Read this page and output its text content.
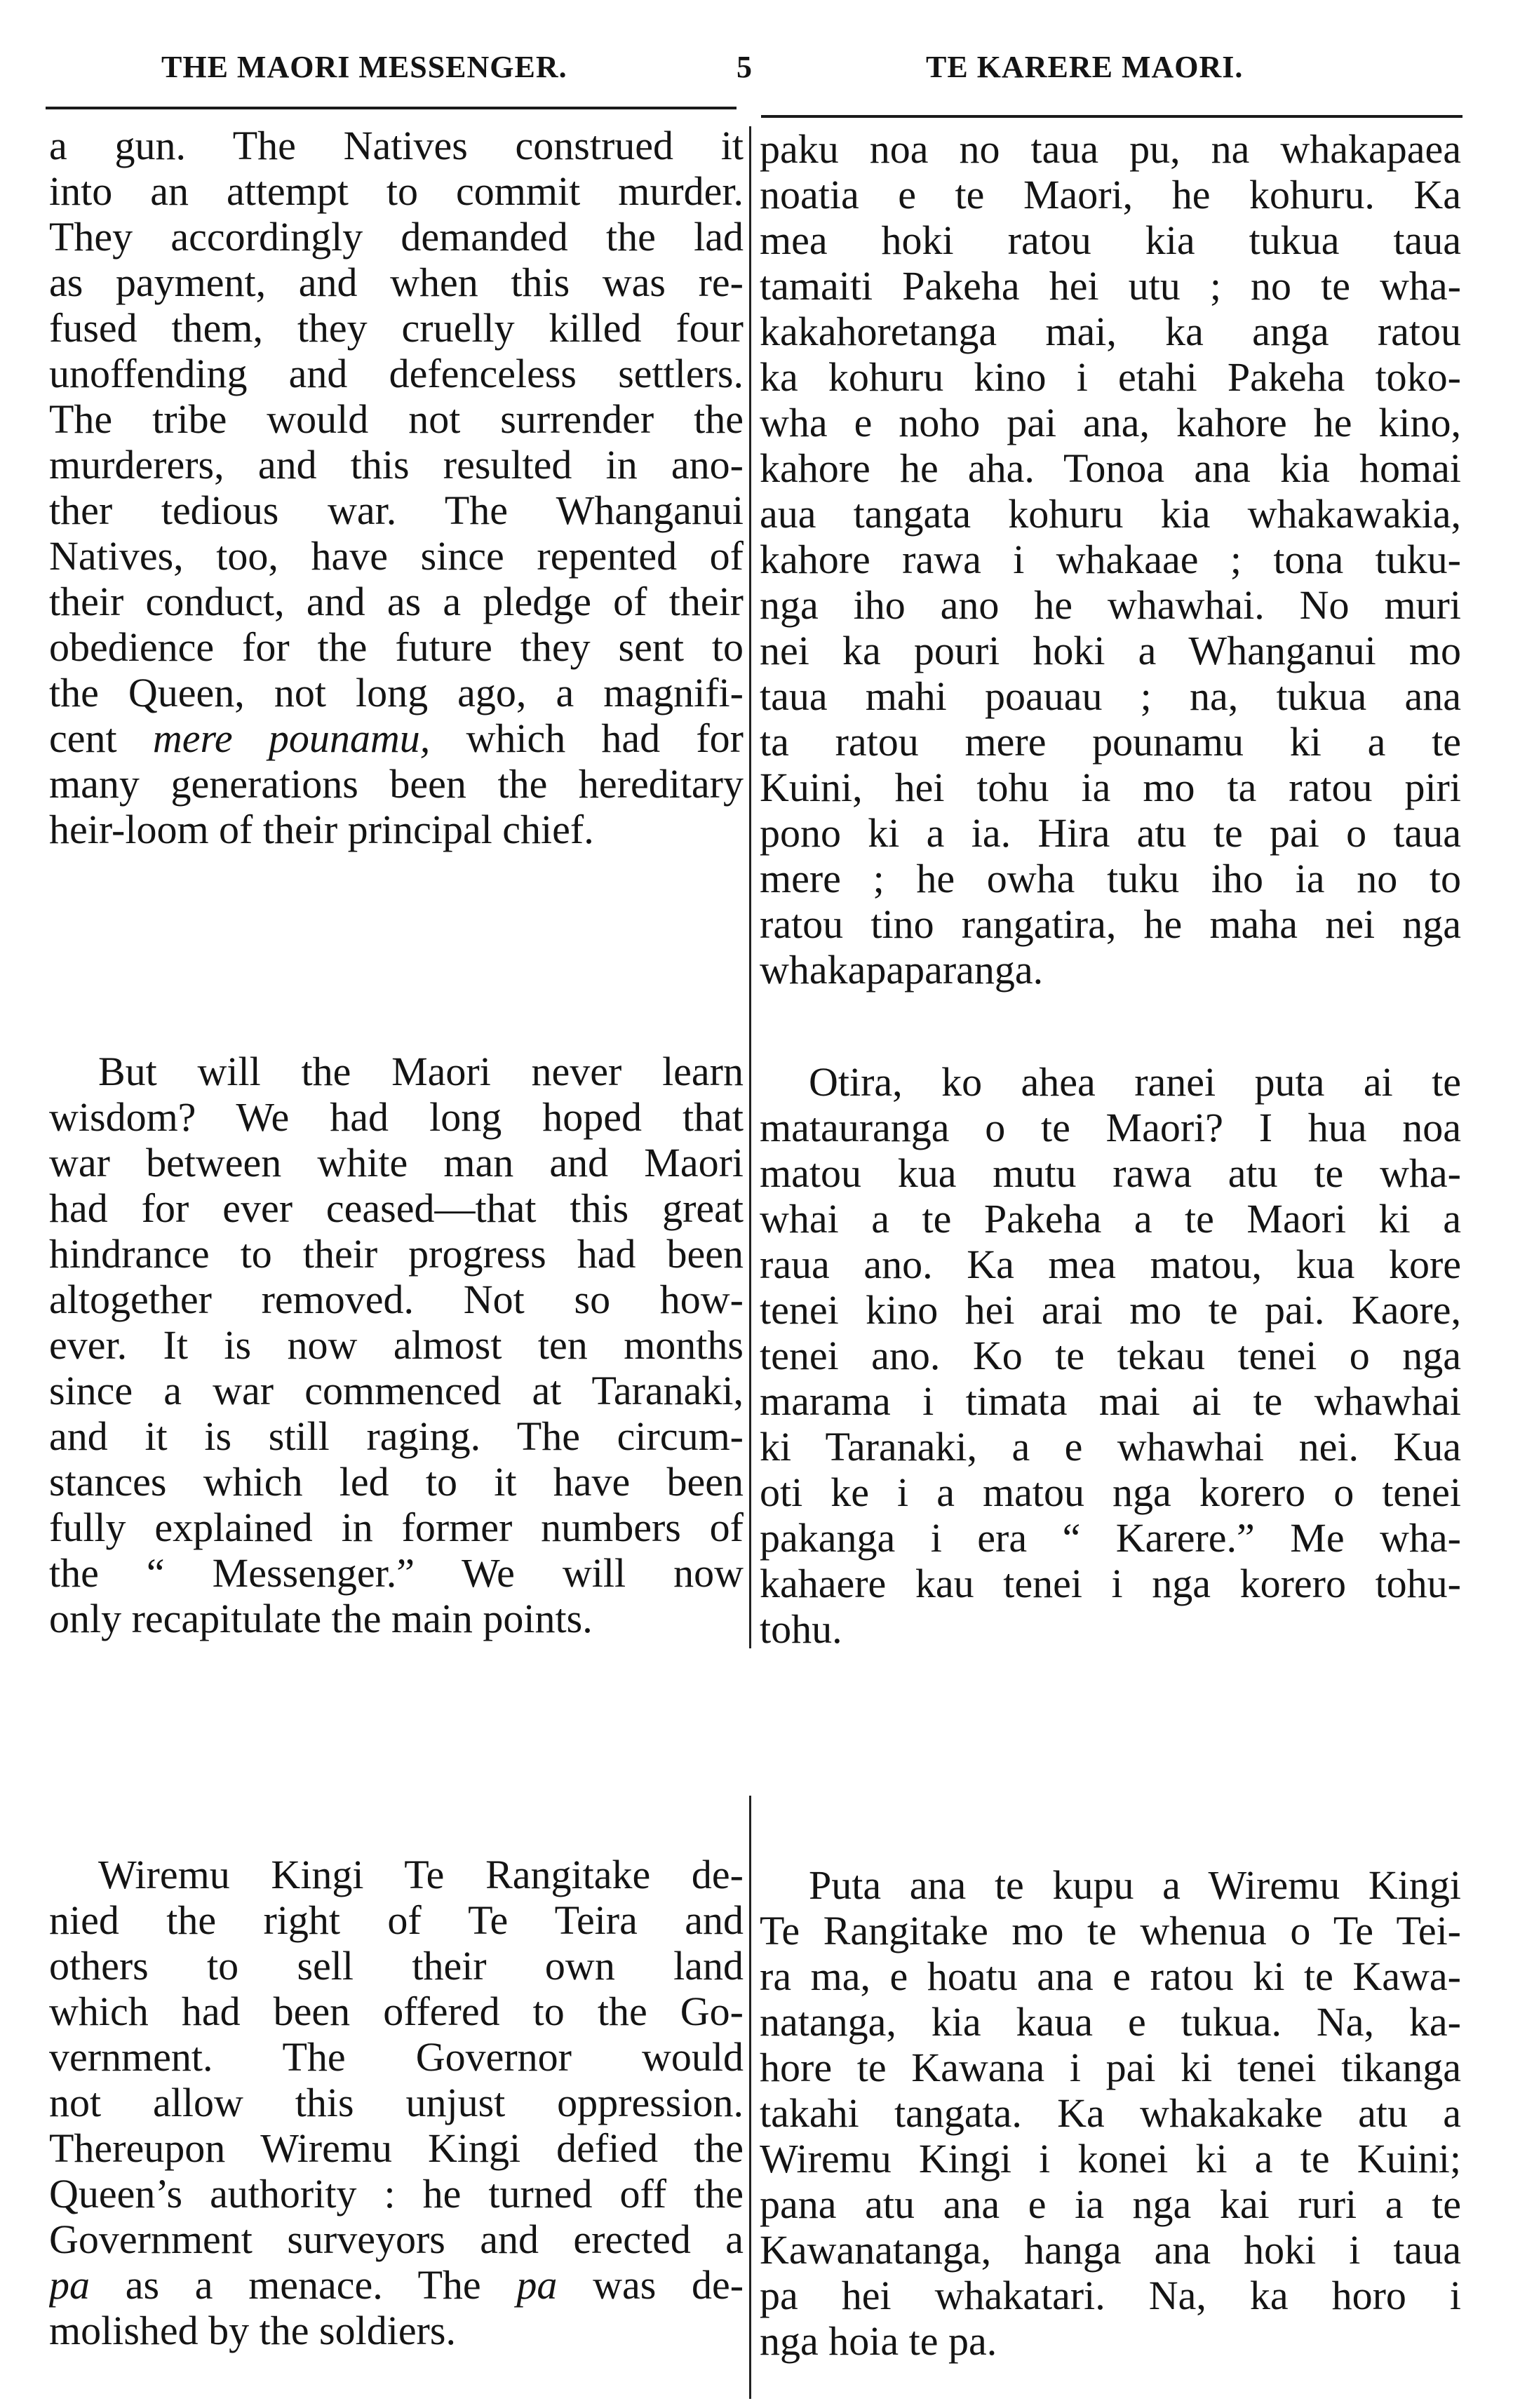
THE MAORI MESSENGER.	5	TE KARERE MAORI.
a gun. The Natives construed it
into an attempt to commit murder.
They accordingly demanded the lad
as payment, and when this was re-
fused them, they cruelly killed four
unoffending and defenceless settlers.
The tribe would not surrender the
murderers, and this resulted in ano-
ther tedious war. The Whanganui
Natives, too, have since repented of
their conduct, and as a pledge of their
obedience for the future they sent to
the Queen, not long ago, a magnifi-
cent mere pounamu, which had for
many generations been the hereditary
heir-loom of their principal chief.
paku noa no taua pu, na whakapaea
noatia e te Maori, he kohuru. Ka
mea hoki ratou kia tukua taua
tamaiti Pakeha hei utu ; no te wha-
kakahoretanga mai, ka anga ratou
ka kohuru kino i etahi Pakeha toko-
wha e noho pai ana, kahore he kino,
kahore he aha. Tonoa ana kia homai
aua tangata kohuru kia whakawakia,
kahore rawa i whakaae ; tona tuku-
nga iho ano he whawhai. No muri
nei ka pouri hoki a Whanganui mo
taua mahi poauau ; na, tukua ana
ta ratou mere pounamu ki a te
Kuini, hei tohu ia mo ta ratou piri
pono ki a ia. Hira atu te pai o taua
mere ; he owha tuku iho ia no to
ratou tino rangatira, he maha nei nga
whakapaparanga.
But will the Maori never learn
wisdom? We had long hoped that
war between white man and Maori
had for ever ceased—that this great
hindrance to their progress had been
altogether removed. Not so how-
ever. It is now almost ten months
since a war commenced at Taranaki,
and it is still raging. The circum-
stances which led to it have been
fully explained in former numbers of
the “ Messenger.” We will now
only recapitulate the main points.
Otira, ko ahea ranei puta ai te
matauranga o te Maori? I hua noa
matou kua mutu rawa atu te wha-
whai a te Pakeha a te Maori ki a
raua ano. Ka mea matou, kua kore
tenei kino hei arai mo te pai. Kaore,
tenei ano. Ko te tekau tenei o nga
marama i timata mai ai te whawhai
ki Taranaki, a e whawhai nei. Kua
oti ke i a matou nga korero o tenei
pakanga i era “ Karere.” Me wha-
kahaere kau tenei i nga korero tohu-
tohu.
Wiremu Kingi Te Rangitake de-
nied the right of Te Teira and
others to sell their own land
which had been offered to the Go-
vernment. The Governor would
not allow this unjust oppression.
Thereupon Wiremu Kingi defied the
Queen’s authority : he turned off the
Government surveyors and erected a
pa as a menace. The pa was de-
molished by the soldiers.
Puta ana te kupu a Wiremu Kingi
Te Rangitake mo te whenua o Te Tei-
ra ma, e hoatu ana e ratou ki te Kawa-
natanga, kia kaua e tukua. Na, ka-
hore te Kawana i pai ki tenei tikanga
takahi tangata. Ka whakakake atu a
Wiremu Kingi i konei ki a te Kuini;
pana atu ana e ia nga kai ruri a te
Kawanatanga, hanga ana hoki i taua
pa hei whakatari. Na, ka horo i
nga hoia te pa.
